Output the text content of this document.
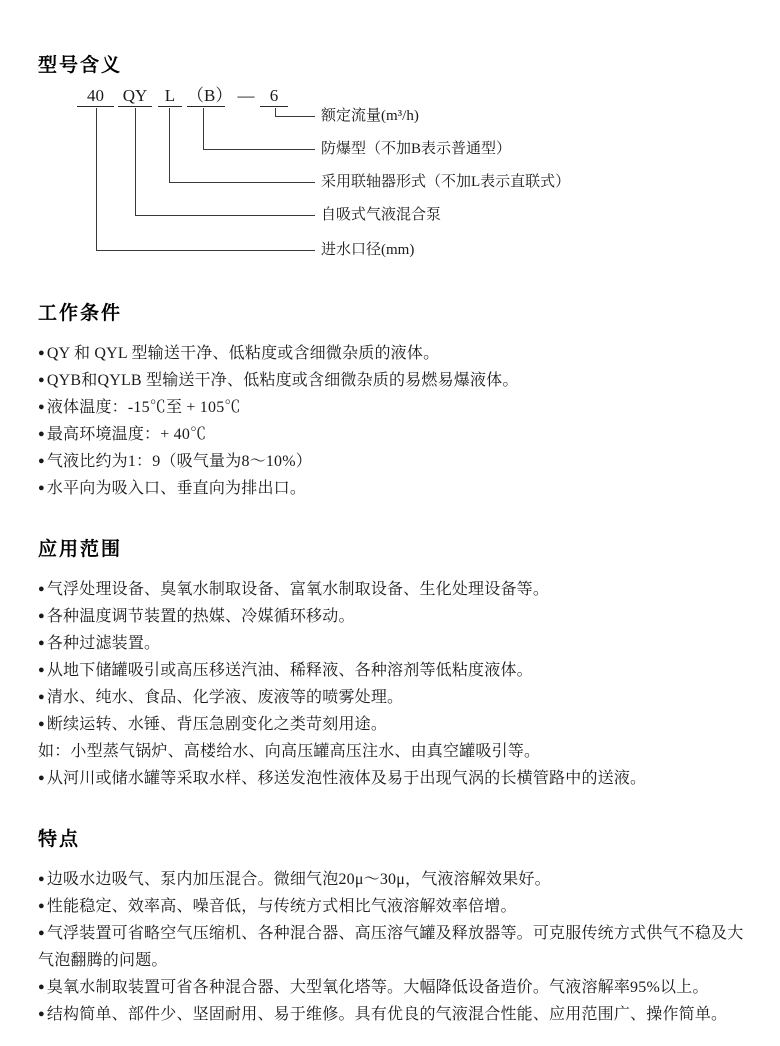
型号含义
40	QY	L （B） — 6
额定流量(m³/h)
防爆型（不加B表示普通型）
采用联轴器形式（不加L表示直联式）
自吸式气液混合泵
进水口径(mm)
工作条件
● QY 和 QYL 型输送干净、低粘度或含细微杂质的液体。
● QYB和QYLB 型输送干净、低粘度或含细微杂质的易燃易爆液体。
● 液体温度：-15℃至 + 105℃
● 最高环境温度：+ 40℃
● 气液比约为1：9（吸气量为8～10%）
● 水平向为吸入口、垂直向为排出口。
应用范围
● 气浮处理设备、臭氧水制取设备、富氧水制取设备、生化处理设备等。
● 各种温度调节装置的热媒、冷媒循环移动。
● 各种过滤装置。
● 从地下储罐吸引或高压移送汽油、稀释液、各种溶剂等低粘度液体。
● 清水、纯水、食品、化学液、废液等的喷雾处理。
● 断续运转、水锤、背压急剧变化之类苛刻用途。
如：小型蒸气锅炉、高楼给水、向高压罐高压注水、由真空罐吸引等。
● 从河川或储水罐等采取水样、移送发泡性液体及易于出现气涡的长横管路中的送液。
特点
● 边吸水边吸气、泵内加压混合。微细气泡20μ～30μ，气液溶解效果好。
● 性能稳定、效率高、噪音低，与传统方式相比气液溶解效率倍增。
● 气浮装置可省略空气压缩机、各种混合器、高压溶气罐及释放器等。可克服传统方式供气不稳及大气泡翻腾的问题。
● 臭氧水制取装置可省各种混合器、大型氧化塔等。大幅降低设备造价。气液溶解率95%以上。
● 结构简单、部件少、坚固耐用、易于维修。具有优良的气液混合性能、应用范围广、操作简单。
